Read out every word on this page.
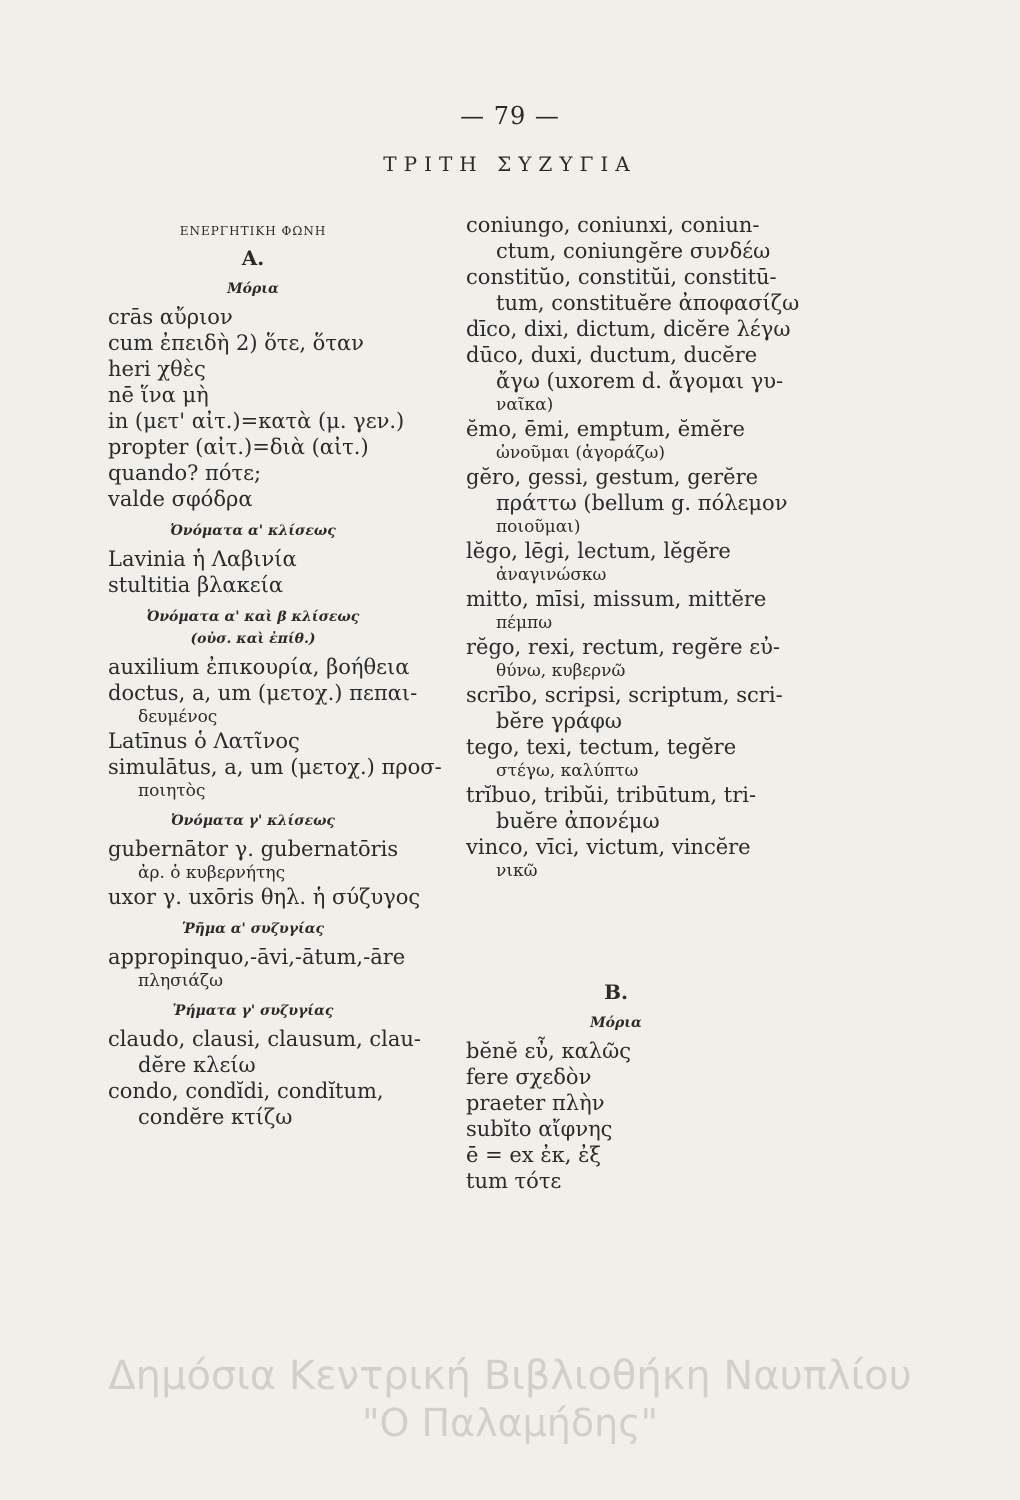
— 79 —
ΤΡΙΤΗ ΣΥΖΥΓΙΑ
ΕΝΕΡΓΗΤΙΚΗ ΦΩΝΗ
Α.
Μόρια
crās αὔριον
cum ἐπειδὴ 2) ὅτε, ὅταν
heri χθὲς
nē ἵνα μὴ
in (μετ' αἰτ.)=κατὰ (μ. γεν.)
propter (αἰτ.)=διὰ (αἰτ.)
quando? πότε;
valde σφόδρα
Ὀνόματα α' κλίσεως
Lavinia ἡ Λαβινία
stultitia βλακεία
Ὀνόματα α' καὶ β κλίσεως
(οὐσ. καὶ ἐπίθ.)
auxilium ἐπικουρία, βοήθεια
doctus, a, um (μετοχ.) πεπαι-
δευμένος
Latīnus ὁ Λατῖνος
simulātus, a, um (μετοχ.) προσ-
ποιητὸς
Ὀνόματα γ' κλίσεως
gubernātor γ. gubernatōris
ἀρ. ὁ κυβερνήτης
uxor γ. uxōris θηλ. ἡ σύζυγος
Ῥῆμα α' συζυγίας
appropinquo,-āvi,-ātum,-āre
πλησιάζω
Ῥήματα γ' συζυγίας
claudo, clausi, clausum, clau-
dĕre κλείω
condo, condĭdi, condĭtum,
condĕre κτίζω
coniungo, coniunxi, coniun-
ctum, coniungĕre συνδέω
constitŭo, constitŭi, constitū-
tum, constituĕre ἀποφασίζω
dīco, dixi, dictum, dicĕre λέγω
dūco, duxi, ductum, ducĕre
ἄγω (uxorem d. ἄγομαι γυ-
ναῖκα)
ĕmo, ēmi, emptum, ĕmĕre
ὠνοῦμαι (ἀγοράζω)
gĕro, gessi, gestum, gerĕre
πράττω (bellum g. πόλεμον
ποιοῦμαι)
lĕgo, lēgi, lectum, lĕgĕre
ἀναγινώσκω
mitto, mīsi, missum, mittĕre
πέμπω
rĕgo, rexi, rectum, regĕre εὐ-
θύνω, κυβερνῶ
scrībo, scripsi, scriptum, scri-
bĕre γράφω
tego, texi, tectum, tegĕre
στέγω, καλύπτω
trĭbuo, tribŭi, tribūtum, tri-
buĕre ἀπονέμω
vinco, vīci, victum, vincĕre
νικῶ
B.
Μόρια
bĕnĕ εὖ, καλῶς
fere σχεδὸν
praeter πλὴν
subĭto αἴφνης
ē = ex ἐκ, ἐξ
tum τότε
Δημόσια Κεντρική Βιβλιοθήκη Ναυπλίου
"Ο Παλαμήδης"
